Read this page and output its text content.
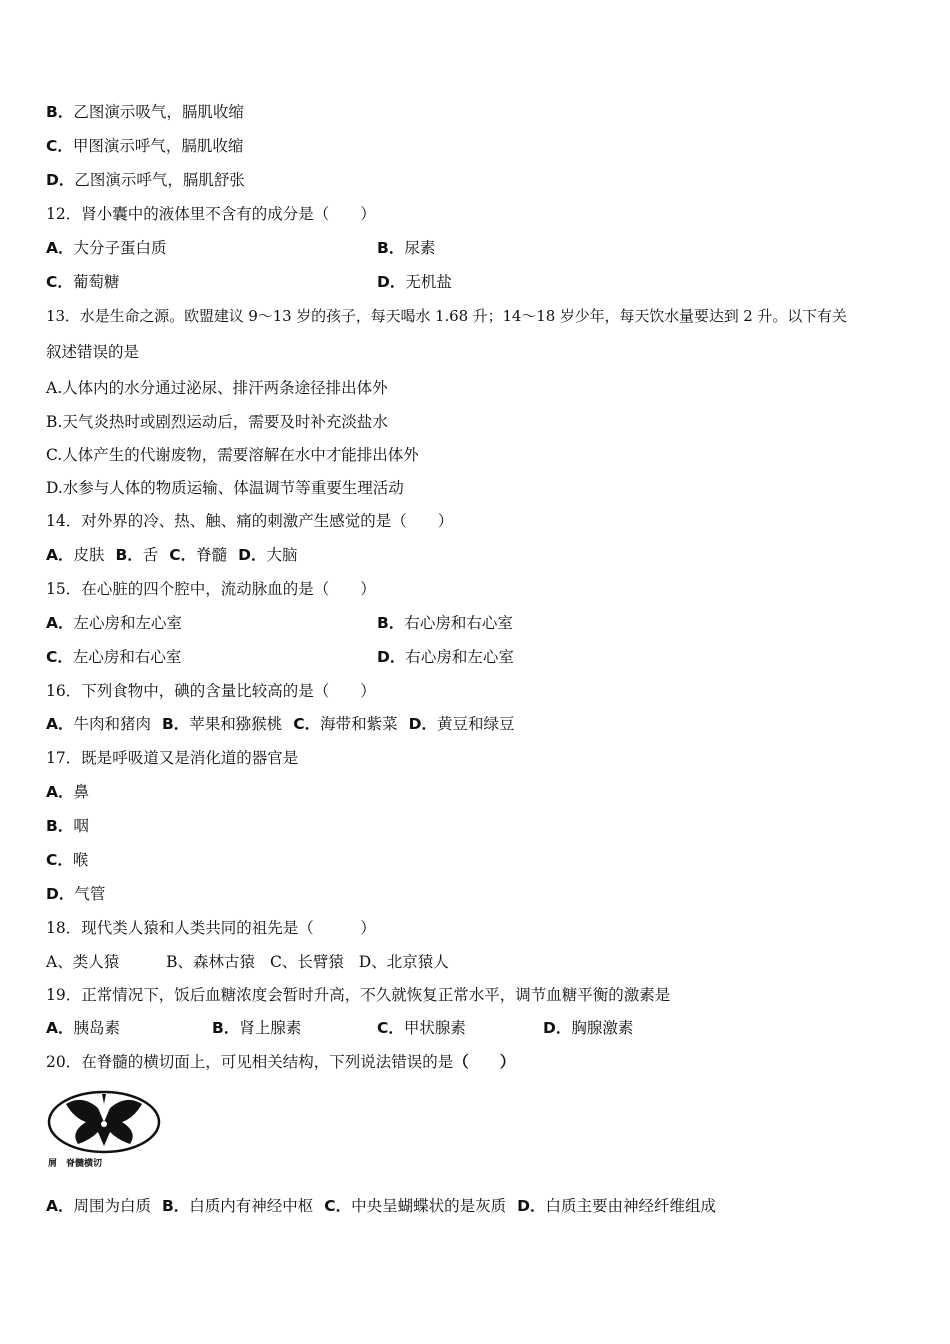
B．乙图演示吸气，膈肌收缩
C．甲图演示呼气，膈肌收缩
D．乙图演示呼气，膈肌舒张
12．肾小囊中的液体里不含有的成分是（　　）
A．大分子蛋白质	B．尿素
C．葡萄糖	D．无机盐
13．水是生命之源。欧盟建议 9～13 岁的孩子，每天喝水 1.68 升；14～18 岁少年，每天饮水量要达到 2 升。以下有关
叙述错误的是
A.人体内的水分通过泌尿、排汗两条途径排出体外
B.天气炎热时或剧烈运动后，需要及时补充淡盐水
C.人体产生的代谢废物，需要溶解在水中才能排出体外
D.水参与人体的物质运输、体温调节等重要生理活动
14．对外界的冷、热、触、痛的刺激产生感觉的是（　　）
A．皮肤 B．舌 C．脊髓 D．大脑
15．在心脏的四个腔中，流动脉血的是（　　）
A．左心房和左心室	B．右心房和右心室
C．左心房和右心室	D．右心房和左心室
16．下列食物中，碘的含量比较高的是（　　）
A．牛肉和猪肉 B．苹果和猕猴桃 C．海带和紫菜 D．黄豆和绿豆
17．既是呼吸道又是消化道的器官是
A．鼻
B．咽
C．喉
D．气管
18．现代类人猿和人类共同的祖先是（　　　）
A、类人猿	B、森林古猿 C、长臂猿 D、北京猿人
19．正常情况下，饭后血糖浓度会暂时升高，不久就恢复正常水平，调节血糖平衡的激素是
A．胰岛素	B．肾上腺素	C．甲状腺素	D．胸腺激素
20．在脊髓的横切面上，可见相关结构，下列说法错误的是（　　）
屑　脊髓横切
A．周围为白质 B．白质内有神经中枢 C．中央呈蝴蝶状的是灰质 D．白质主要由神经纤维组成
